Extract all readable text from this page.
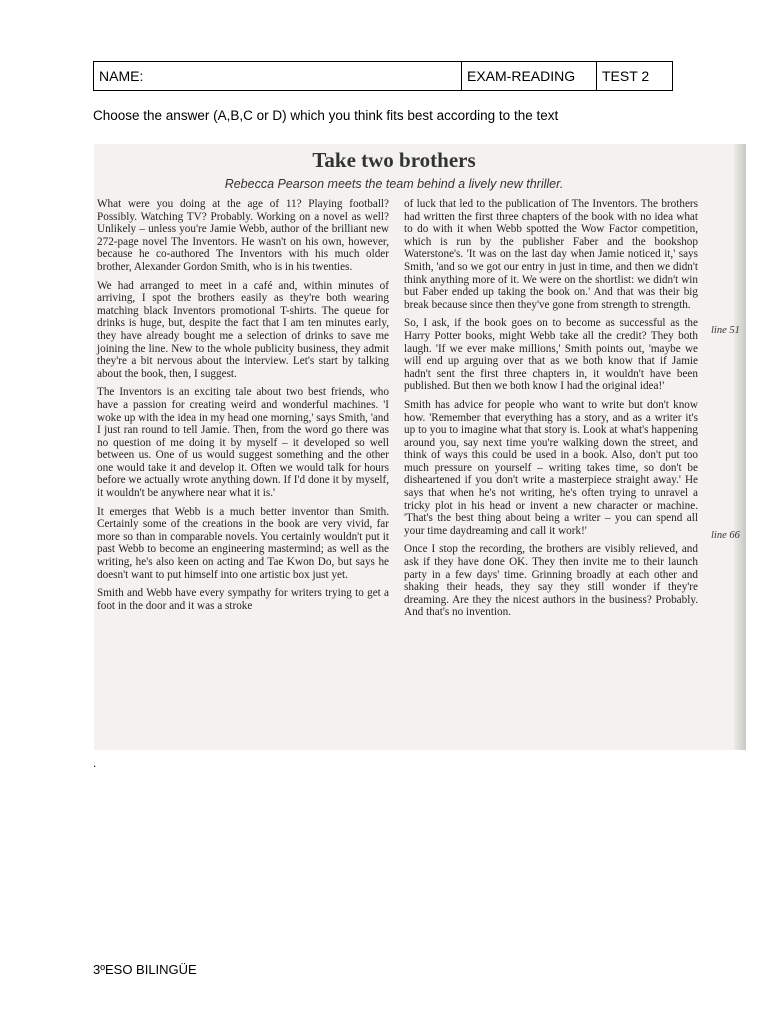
NAME:	EXAM-READING	TEST 2
Choose the answer (A,B,C or D) which you think fits best according to the text
Take two brothers
Rebecca Pearson meets the team behind a lively new thriller.

What were you doing at the age of 11? Playing football? Possibly. Watching TV? Probably. Working on a novel as well? Unlikely – unless you're Jamie Webb, author of the brilliant new 272-page novel The Inventors. He wasn't on his own, however, because he co-authored The Inventors with his much older brother, Alexander Gordon Smith, who is in his twenties.

We had arranged to meet in a café and, within minutes of arriving, I spot the brothers easily as they're both wearing matching black Inventors promotional T-shirts. The queue for drinks is huge, but, despite the fact that I am ten minutes early, they have already bought me a selection of drinks to save me joining the line. New to the whole publicity business, they admit they're a bit nervous about the interview. Let's start by talking about the book, then, I suggest.

The Inventors is an exciting tale about two best friends, who have a passion for creating weird and wonderful machines. 'I woke up with the idea in my head one morning,' says Smith, 'and I just ran round to tell Jamie. Then, from the word go there was no question of me doing it by myself – it developed so well between us. One of us would suggest something and the other one would take it and develop it. Often we would talk for hours before we actually wrote anything down. If I'd done it by myself, it wouldn't be anywhere near what it is.'

It emerges that Webb is a much better inventor than Smith. Certainly some of the creations in the book are very vivid, far more so than in comparable novels. You certainly wouldn't put it past Webb to become an engineering mastermind; as well as the writing, he's also keen on acting and Tae Kwon Do, but says he doesn't want to put himself into one artistic box just yet.

Smith and Webb have every sympathy for writers trying to get a foot in the door and it was a stroke

of luck that led to the publication of The Inventors. The brothers had written the first three chapters of the book with no idea what to do with it when Webb spotted the Wow Factor competition, which is run by the publisher Faber and the bookshop Waterstone's. 'It was on the last day when Jamie noticed it,' says Smith, 'and so we got our entry in just in time, and then we didn't think anything more of it. We were on the shortlist: we didn't win but Faber ended up taking the book on.' And that was their big break because since then they've gone from strength to strength.

So, I ask, if the book goes on to become as successful as the Harry Potter books, might Webb take all the credit? They both laugh. 'If we ever make millions,' Smith points out, 'maybe we will end up arguing over that as we both know that if Jamie hadn't sent the first three chapters in, it wouldn't have been published. But then we both know I had the original idea!'

Smith has advice for people who want to write but don't know how. 'Remember that everything has a story, and as a writer it's up to you to imagine what that story is. Look at what's happening around you, say next time you're walking down the street, and think of ways this could be used in a book. Also, don't put too much pressure on yourself – writing takes time, so don't be disheartened if you don't write a masterpiece straight away.' He says that when he's not writing, he's often trying to unravel a tricky plot in his head or invent a new character or machine. 'That's the best thing about being a writer – you can spend all your time daydreaming and call it work!'

Once I stop the recording, the brothers are visibly relieved, and ask if they have done OK. They then invite me to their launch party in a few days' time. Grinning broadly at each other and shaking their heads, they say they still wonder if they're dreaming. Are they the nicest authors in the business? Probably. And that's no invention.

line 51
line 66
.
3ºESO BILINGÜE
